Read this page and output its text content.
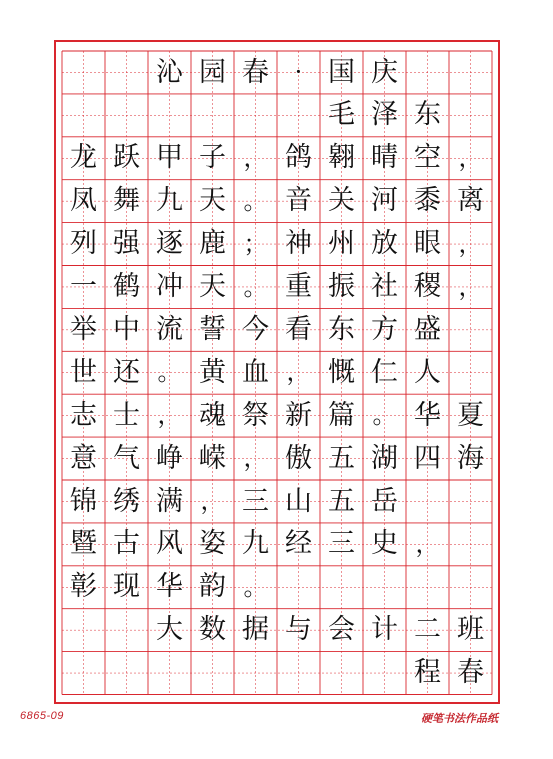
沁 园 春	· 国 庆
毛 泽 东
龙 跃 甲 子 ， 鸽 翱 晴 空 ，
凤 舞 九 天 。 音 关 河 黍 离
列 强 逐 鹿 ； 神 州 放 眼 ，
一 鹤 冲 天 。 重 振 社 稷 ，
举 中 流 誓 今 看 东 方 盛
世 还 。 黄 血 ， 慨 仁 人
志 士 ， 魂 祭 新 篇 。 华 夏
意 气 峥 嵘 ， 傲 五 湖 四 海
锦 绣 满 ， 三 山 五 岳
暨 古 风 姿 九 经 三 史 ，
彰 现 华 韵 。
大 数 据 与 会 计 二 班
程 春
6865-09	硬笔书法作品纸
